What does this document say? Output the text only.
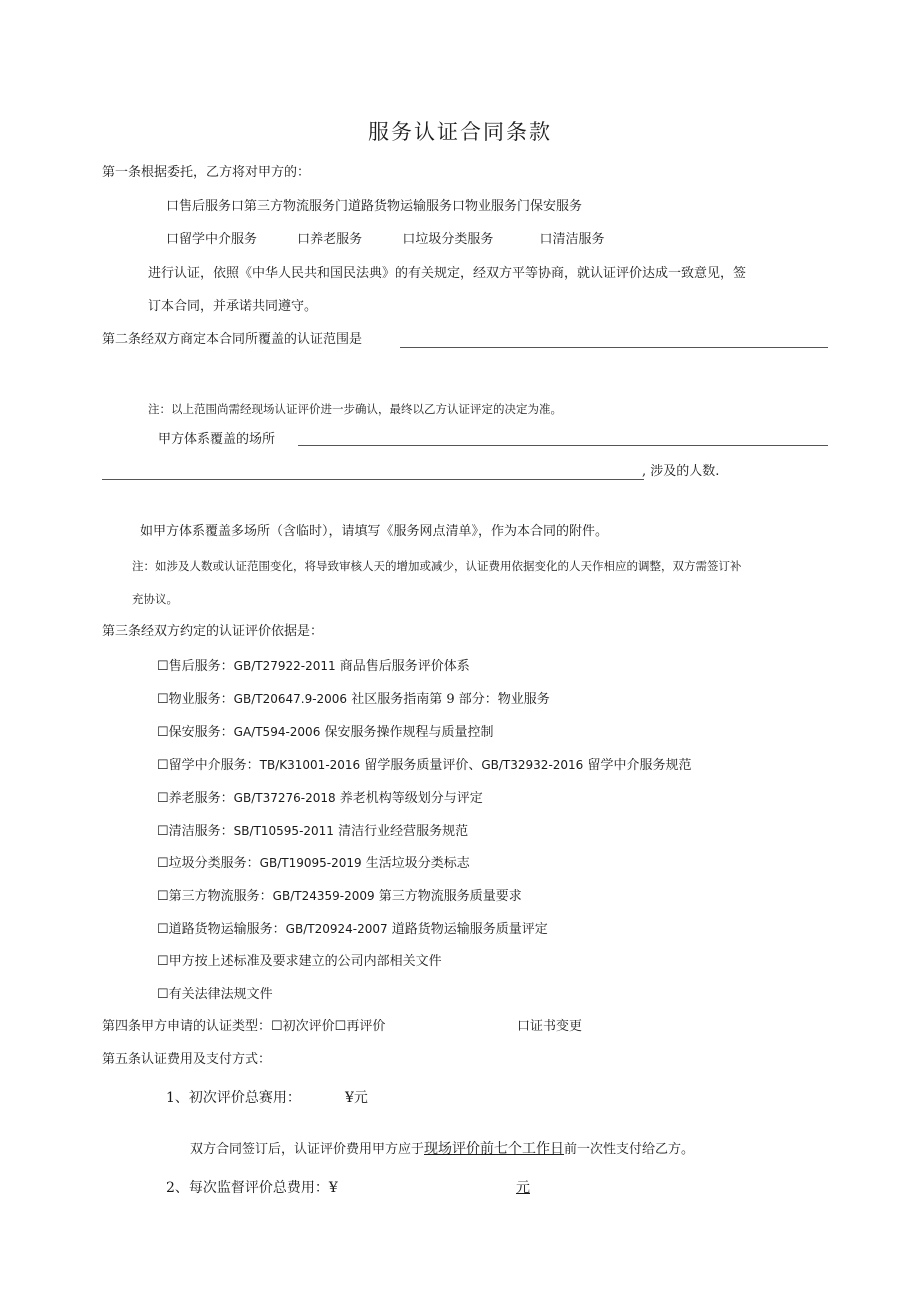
服务认证合同条款
第一条根据委托，乙方将对甲方的：
口售后服务口第三方物流服务门道路货物运输服务口物业服务门保安服务
口留学中介服务	口养老服务	口垃圾分类服务	口清洁服务
进行认证，依照《中华人民共和国民法典》的有关规定，经双方平等协商，就认证评价达成一致意见，签
订本合同，并承诺共同遵守。
第二条经双方商定本合同所覆盖的认证范围是
注：以上范围尚需经现场认证评价进一步确认，最终以乙方认证评定的决定为准。
甲方体系覆盖的场所
, 涉及的人数.
如甲方体系覆盖多场所（含临时），请填写《服务网点清单》，作为本合同的附件。
注：如涉及人数或认证范围变化，将导致审核人天的增加或减少，认证费用依据变化的人天作相应的调整，双方需签订补
充协议。
第三条经双方约定的认证评价依据是：
☐售后服务：GB/T27922-2011 商品售后服务评价体系
☐物业服务：GB/T20647.9-2006 社区服务指南第 9 部分：物业服务
☐保安服务：GA/T594-2006 保安服务操作规程与质量控制
☐留学中介服务：TB/K31001-2016 留学服务质量评价、GB/T32932-2016 留学中介服务规范
☐养老服务：GB/T37276-2018 养老机构等级划分与评定
☐清洁服务：SB/T10595-2011 清洁行业经营服务规范
☐垃圾分类服务：GB/T19095-2019 生活垃圾分类标志
☐第三方物流服务：GB/T24359-2009 第三方物流服务质量要求
☐道路货物运输服务：GB/T20924-2007 道路货物运输服务质量评定
☐甲方按上述标准及要求建立的公司内部相关文件
☐有关法律法规文件
第四条甲方申请的认证类型：☐初次评价☐再评价	口证书变更
第五条认证费用及支付方式：
1、初次评价总赛用：	¥元
双方合同签订后，认证评价费用甲方应于现场评价前七个工作日前一次性支付给乙方。
2、每次监督评价总费用：¥	元
